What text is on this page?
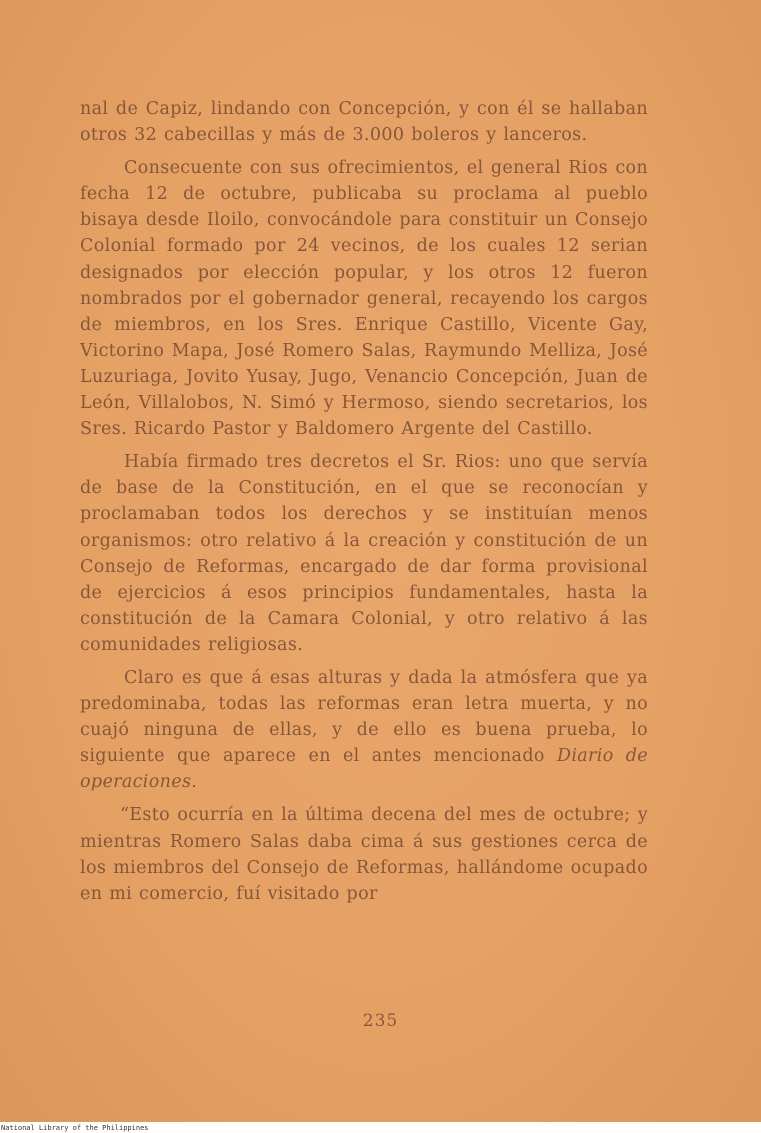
nal de Capiz, lindando con Concepción, y con él se hallaban otros 32 cabecillas y más de 3.000 boleros y lanceros.

Consecuente con sus ofrecimientos, el general Rios con fecha 12 de octubre, publicaba su proclama al pueblo bisaya desde Iloilo, convocándole para constituir un Consejo Colonial formado por 24 vecinos, de los cuales 12 serian designados por elección popular, y los otros 12 fueron nombrados por el gobernador general, recayendo los cargos de miembros, en los Sres. Enrique Castillo, Vicente Gay, Victorino Mapa, José Romero Salas, Raymundo Melliza, José Luzuriaga, Jovito Yusay, Jugo, Venancio Concepción, Juan de León, Villalobos, N. Simó y Hermoso, siendo secretarios, los Sres. Ricardo Pastor y Baldomero Argente del Castillo.

Había firmado tres decretos el Sr. Rios: uno que servía de base de la Constitución, en el que se reconocían y proclamaban todos los derechos y se instituían menos organismos: otro relativo á la creación y constitución de un Consejo de Reformas, encargado de dar forma provisional de ejercicios á esos principios fundamentales, hasta la constitución de la Camara Colonial, y otro relativo á las comunidades religiosas.

Claro es que á esas alturas y dada la atmósfera que ya predominaba, todas las reformas eran letra muerta, y no cuajó ninguna de ellas, y de ello es buena prueba, lo siguiente que aparece en el antes mencionado Diario de operaciones.

“Esto ocurría en la última decena del mes de octubre; y mientras Romero Salas daba cima á sus gestiones cerca de los miembros del Consejo de Reformas, hallándome ocupado en mi comercio, fuí visitado por

235
National Library of the Philippines
